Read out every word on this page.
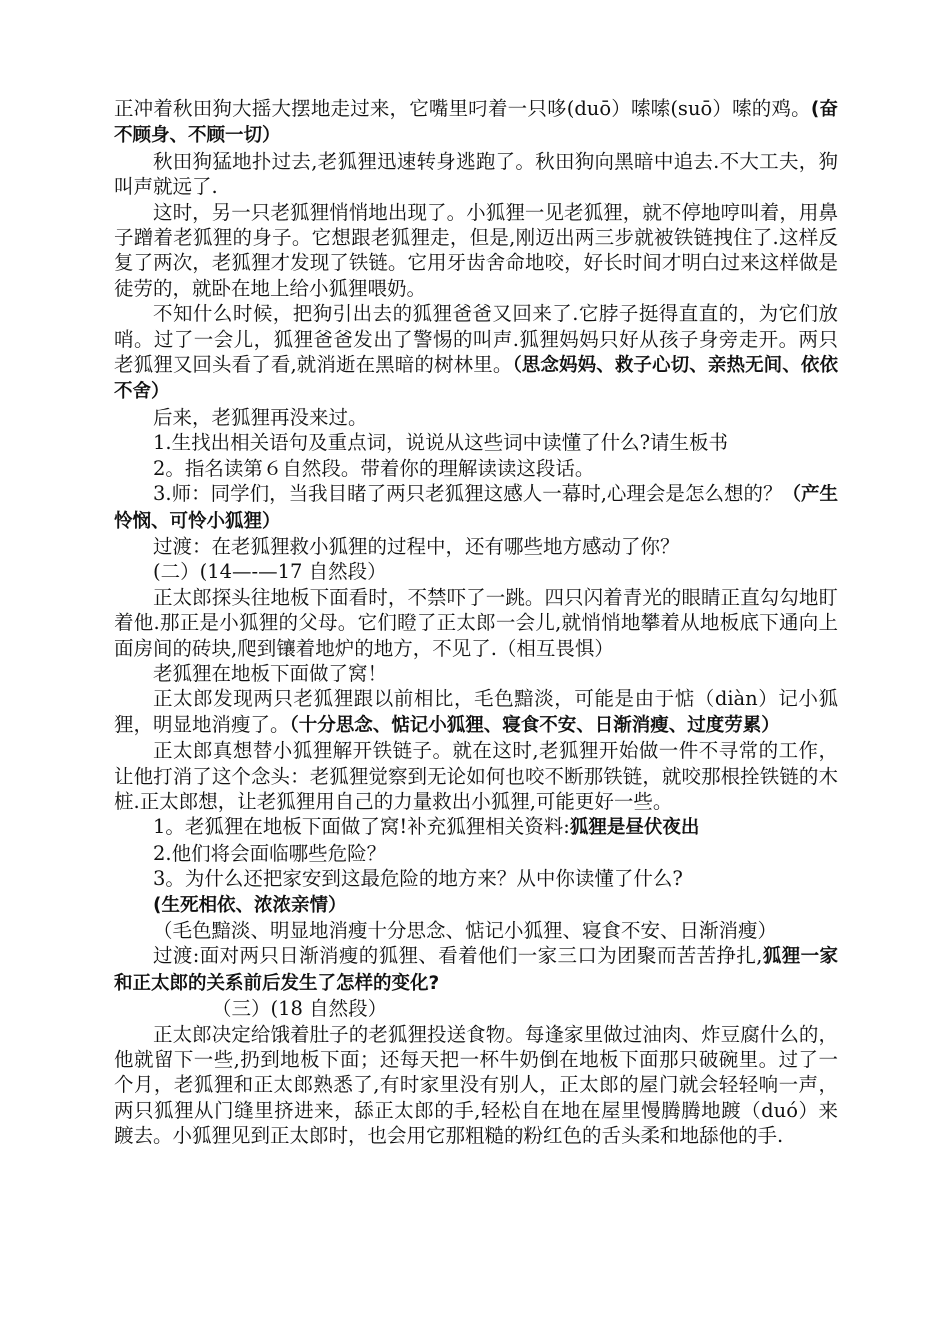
正冲着秋田狗大摇大摆地走过来，它嘴里叼着一只哆(duō）嗦嗦(suō）嗦的鸡。(奋不顾身、不顾一切）

秋田狗猛地扑过去,老狐狸迅速转身逃跑了。秋田狗向黑暗中追去.不大工夫，狗叫声就远了.

这时，另一只老狐狸悄悄地出现了。小狐狸一见老狐狸，就不停地哼叫着，用鼻子蹭着老狐狸的身子。它想跟老狐狸走，但是,刚迈出两三步就被铁链拽住了.这样反复了两次，老狐狸才发现了铁链。它用牙齿舍命地咬，好长时间才明白过来这样做是徒劳的，就卧在地上给小狐狸喂奶。

不知什么时候，把狗引出去的狐狸爸爸又回来了.它脖子挺得直直的，为它们放哨。过了一会儿，狐狸爸爸发出了警惕的叫声.狐狸妈妈只好从孩子身旁走开。两只老狐狸又回头看了看,就消逝在黑暗的树林里。（思念妈妈、救子心切、亲热无间、依依不舍）

后来，老狐狸再没来过。

1.生找出相关语句及重点词，说说从这些词中读懂了什么?请生板书

2。指名读第６自然段。带着你的理解读读这段话。

3.师：同学们，当我目睹了两只老狐狸这感人一幕时,心理会是怎么想的？（产生怜悯、可怜小狐狸）

过渡：在老狐狸救小狐狸的过程中，还有哪些地方感动了你？

(二）(14—-—17 自然段）

正太郎探头往地板下面看时，不禁吓了一跳。四只闪着青光的眼睛正直勾勾地盯着他.那正是小狐狸的父母。它们瞪了正太郎一会儿,就悄悄地攀着从地板底下通向上面房间的砖块,爬到镶着地炉的地方，不见了.（相互畏惧）

老狐狸在地板下面做了窝！

正太郎发现两只老狐狸跟以前相比，毛色黯淡，可能是由于惦（diàn）记小狐狸，明显地消瘦了。（十分思念、惦记小狐狸、寝食不安、日渐消瘦、过度劳累）

正太郎真想替小狐狸解开铁链子。就在这时,老狐狸开始做一件不寻常的工作，让他打消了这个念头：老狐狸觉察到无论如何也咬不断那铁链，就咬那根拴铁链的木桩.正太郎想，让老狐狸用自己的力量救出小狐狸,可能更好一些。

1。老狐狸在地板下面做了窝!补充狐狸相关资料:狐狸是昼伏夜出

2.他们将会面临哪些危险？

3。为什么还把家安到这最危险的地方来？从中你读懂了什么?

(生死相依、浓浓亲情）

（毛色黯淡、明显地消瘦十分思念、惦记小狐狸、寝食不安、日渐消瘦）

过渡:面对两只日渐消瘦的狐狸、看着他们一家三口为团聚而苦苦挣扎,狐狸一家和正太郎的关系前后发生了怎样的变化?

（三）(18 自然段）

正太郎决定给饿着肚子的老狐狸投送食物。每逢家里做过油肉、炸豆腐什么的，他就留下一些,扔到地板下面；还每天把一杯牛奶倒在地板下面那只破碗里。过了一个月，老狐狸和正太郎熟悉了,有时家里没有别人，正太郎的屋门就会轻轻响一声，两只狐狸从门缝里挤进来，舔正太郎的手,轻松自在地在屋里慢腾腾地踱（duó）来踱去。小狐狸见到正太郎时，也会用它那粗糙的粉红色的舌头柔和地舔他的手.
